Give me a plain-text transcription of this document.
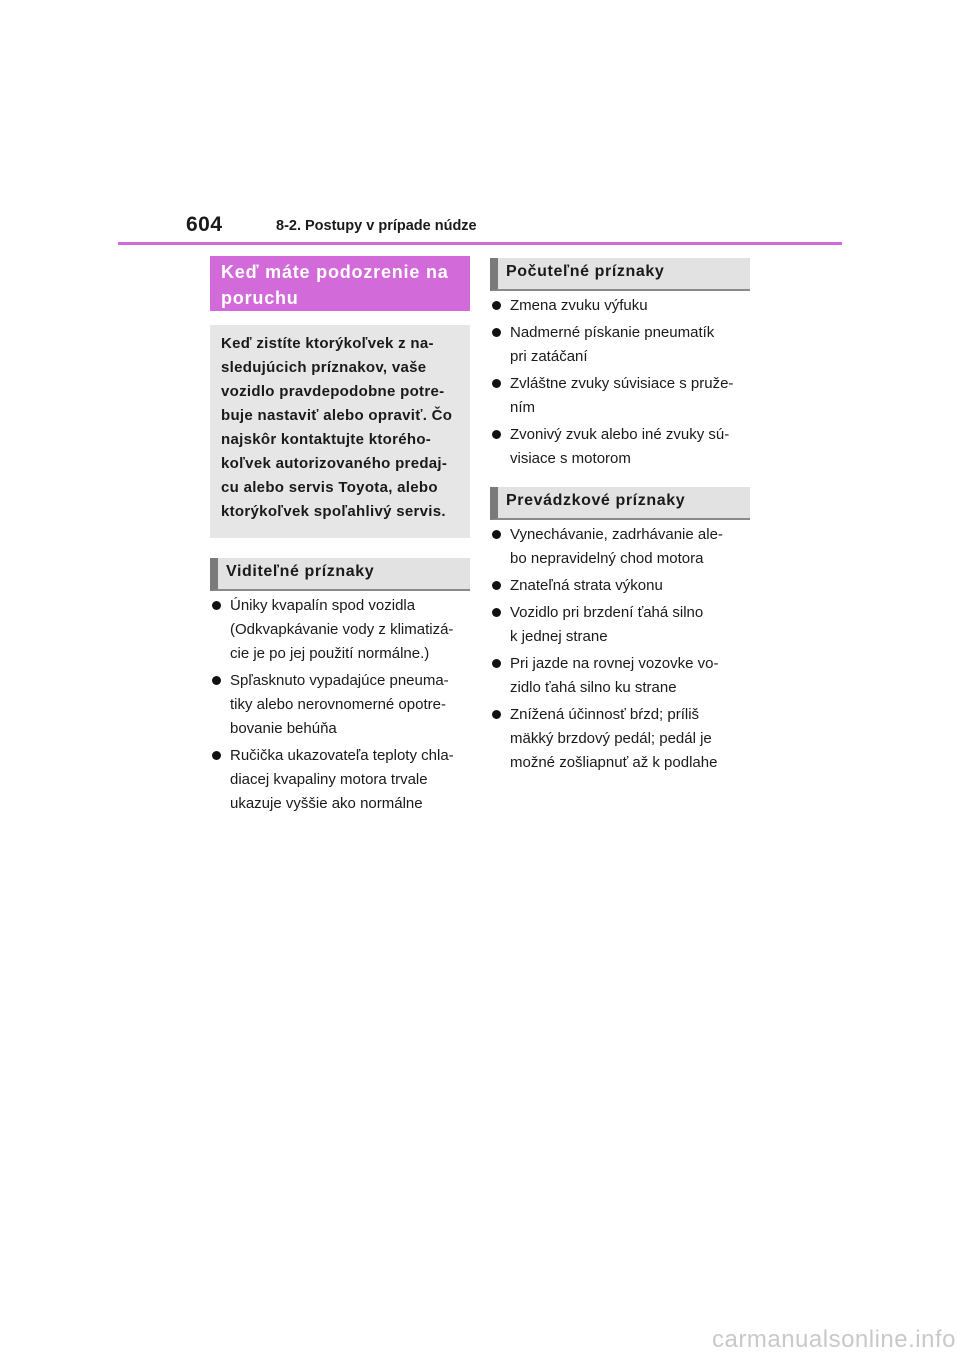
604	8-2. Postupy v prípade núdze
Keď máte podozrenie na poruchu
Keď zistíte ktorýkoľvek z na-
sledujúcich príznakov, vaše
vozidlo pravdepodobne potre-
buje nastaviť alebo opraviť. Čo
najskôr kontaktujte ktorého-
koľvek autorizovaného predaj-
cu alebo servis Toyota, alebo
ktorýkoľvek spoľahlivý servis.
Viditeľné príznaky
Úniky kvapalín spod vozidla
(Odkvapkávanie vody z klimatizá-
cie je po jej použití normálne.)
Spľasknuto vypadajúce pneuma-
tiky alebo nerovnomerné opotre-
bovanie behúňa
Ručička ukazovateľa teploty chla-
diacej kvapaliny motora trvale
ukazuje vyššie ako normálne
Počuteľné príznaky
Zmena zvuku výfuku
Nadmerné pískanie pneumatík
pri zatáčaní
Zvláštne zvuky súvisiace s pruže-
ním
Zvonivý zvuk alebo iné zvuky sú-
visiace s motorom
Prevádzkové príznaky
Vynechávanie, zadrhávanie ale-
bo nepravidelný chod motora
Znateľná strata výkonu
Vozidlo pri brzdení ťahá silno
k jednej strane
Pri jazde na rovnej vozovke vo-
zidlo ťahá silno ku strane
Znížená účinnosť bŕzd; príliš
mäkký brzdový pedál; pedál je
možné zošliapnuť až k podlahe
carmanualsonline.info
